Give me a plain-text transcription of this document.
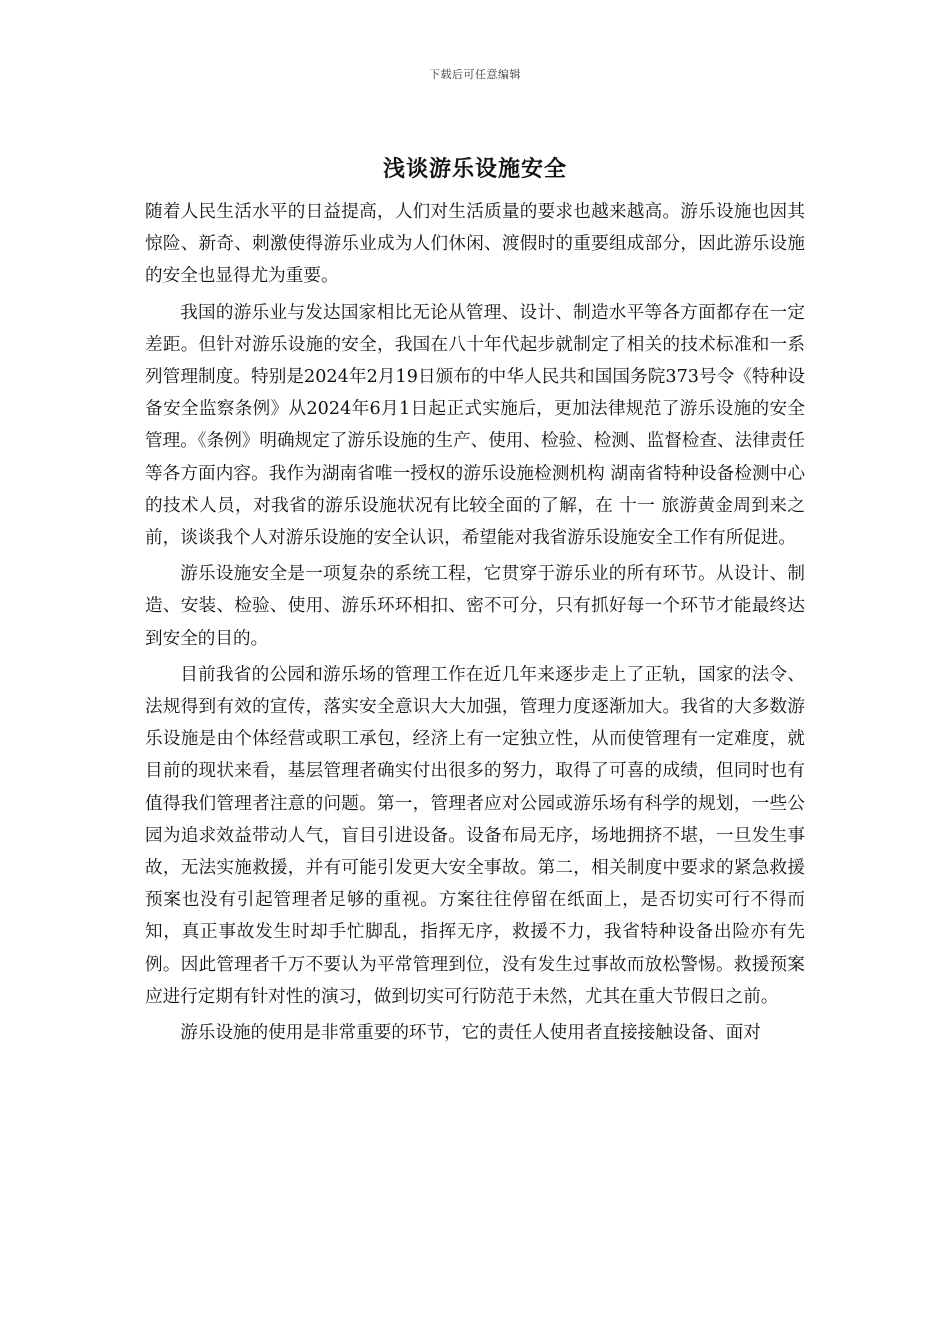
下载后可任意编辑
浅谈游乐设施安全

随着人民生活水平的日益提高，人们对生活质量的要求也越来越高。游乐设施也因其惊险、新奇、刺激使得游乐业成为人们休闲、渡假时的重要组成部分，因此游乐设施的安全也显得尤为重要。

我国的游乐业与发达国家相比无论从管理、设计、制造水平等各方面都存在一定差距。但针对游乐设施的安全，我国在八十年代起步就制定了相关的技术标准和一系列管理制度。特别是2024年2月19日颁布的中华人民共和国国务院373号令《特种设备安全监察条例》从2024年6月1日起正式实施后，更加法律规范了游乐设施的安全管理。《条例》明确规定了游乐设施的生产、使用、检验、检测、监督检查、法律责任等各方面内容。我作为湖南省唯一授权的游乐设施检测机构 湖南省特种设备检测中心的技术人员，对我省的游乐设施状况有比较全面的了解，在 十一 旅游黄金周到来之前，谈谈我个人对游乐设施的安全认识，希望能对我省游乐设施安全工作有所促进。

游乐设施安全是一项复杂的系统工程，它贯穿于游乐业的所有环节。从设计、制造、安装、检验、使用、游乐环环相扣、密不可分，只有抓好每一个环节才能最终达到安全的目的。

目前我省的公园和游乐场的管理工作在近几年来逐步走上了正轨，国家的法令、法规得到有效的宣传，落实安全意识大大加强，管理力度逐渐加大。我省的大多数游乐设施是由个体经营或职工承包，经济上有一定独立性，从而使管理有一定难度，就目前的现状来看，基层管理者确实付出很多的努力，取得了可喜的成绩，但同时也有值得我们管理者注意的问题。第一，管理者应对公园或游乐场有科学的规划，一些公园为追求效益带动人气，盲目引进设备。设备布局无序，场地拥挤不堪，一旦发生事故，无法实施救援，并有可能引发更大安全事故。第二，相关制度中要求的紧急救援预案也没有引起管理者足够的重视。方案往往停留在纸面上，是否切实可行不得而知，真正事故发生时却手忙脚乱，指挥无序，救援不力，我省特种设备出险亦有先例。因此管理者千万不要认为平常管理到位，没有发生过事故而放松警惕。救援预案应进行定期有针对性的演习，做到切实可行防范于未然，尤其在重大节假日之前。

游乐设施的使用是非常重要的环节，它的责任人使用者直接接触设备、面对
